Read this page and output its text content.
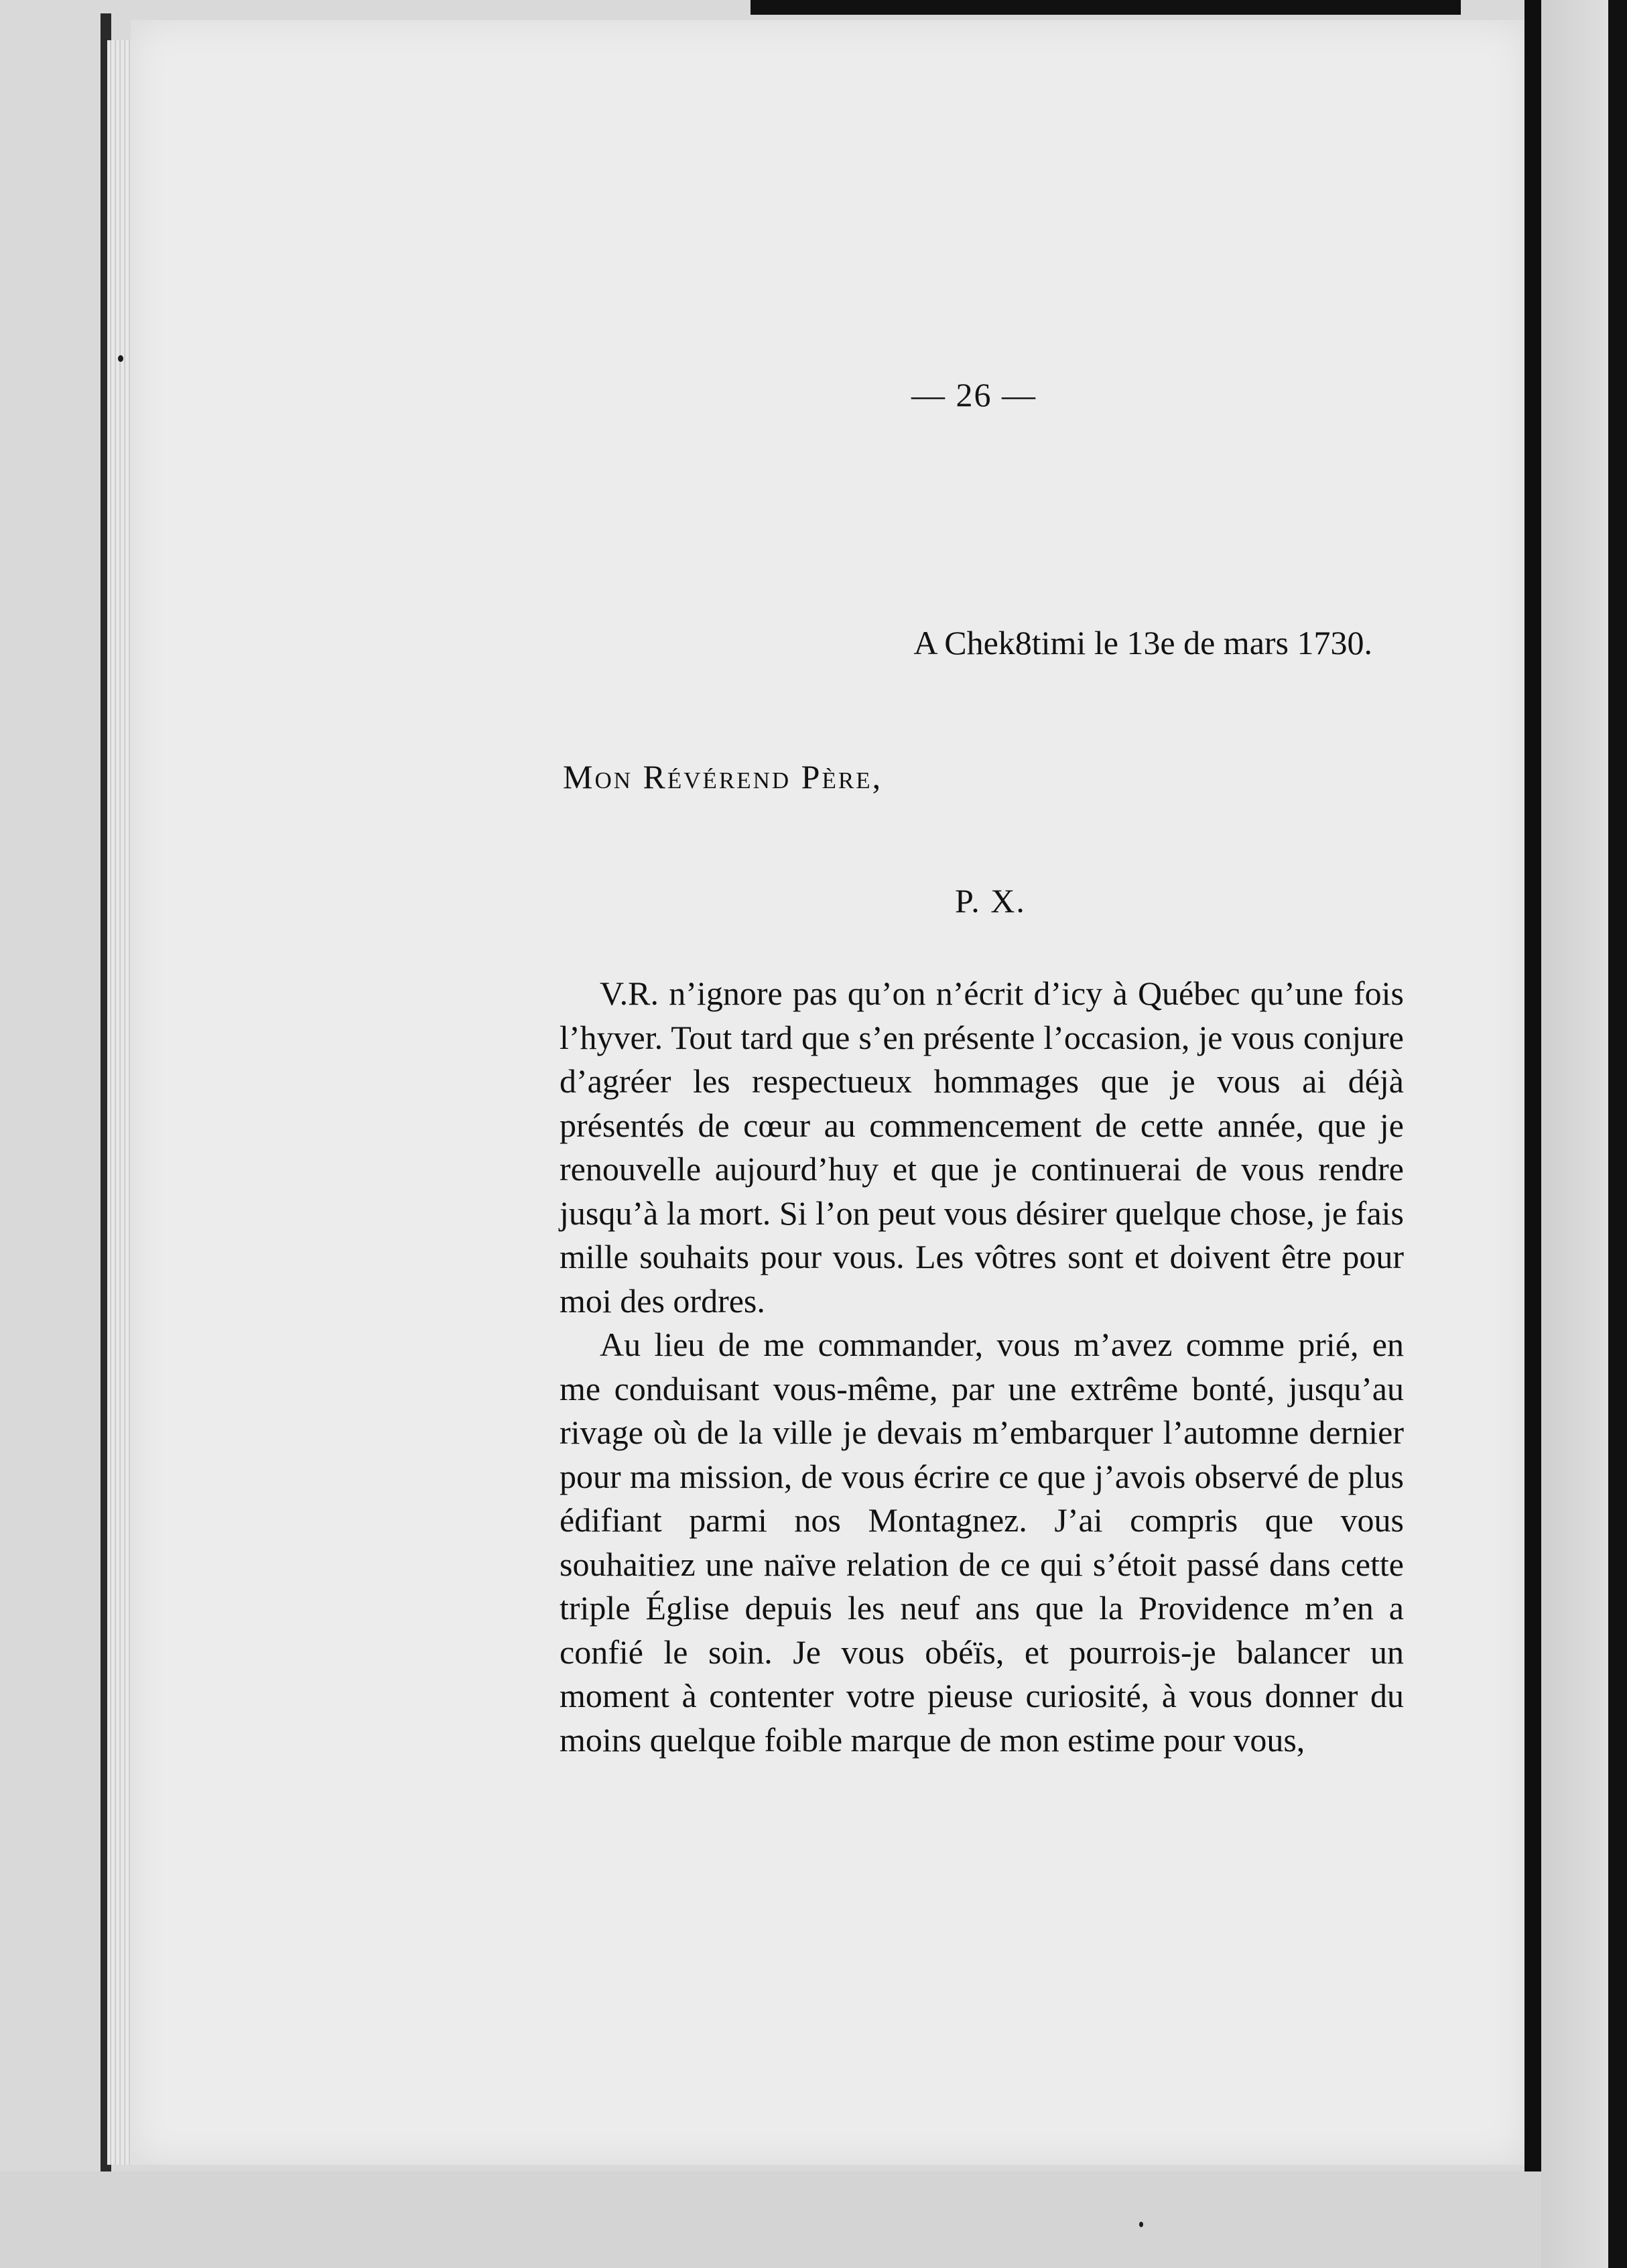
— 26 —
A Chek8timi le 13e de mars 1730.
Mon Révérend Père,
P. X.

V.R. n’ignore pas qu’on n’écrit d’icy à Québec qu’une fois l’hyver. Tout tard que s’en présente l’occasion, je vous conjure d’agréer les respectueux hommages que je vous ai déjà présentés de cœur au commencement de cette année, que je renouvelle aujourd’huy et que je continuerai de vous rendre jusqu’à la mort. Si l’on peut vous désirer quelque chose, je fais mille souhaits pour vous. Les vôtres sont et doivent être pour moi des ordres.

Au lieu de me commander, vous m’avez comme prié, en me conduisant vous-même, par une extrême bonté, jusqu’au rivage où de la ville je devais m’embarquer l’automne dernier pour ma mission, de vous écrire ce que j’avois observé de plus édifiant parmi nos Montagnez. J’ai compris que vous souhaitiez une naïve relation de ce qui s’étoit passé dans cette triple Église depuis les neuf ans que la Providence m’en a confié le soin. Je vous obéïs, et pourrois-je balancer un moment à contenter votre pieuse curiosité, à vous donner du moins quelque foible marque de mon estime pour vous,
